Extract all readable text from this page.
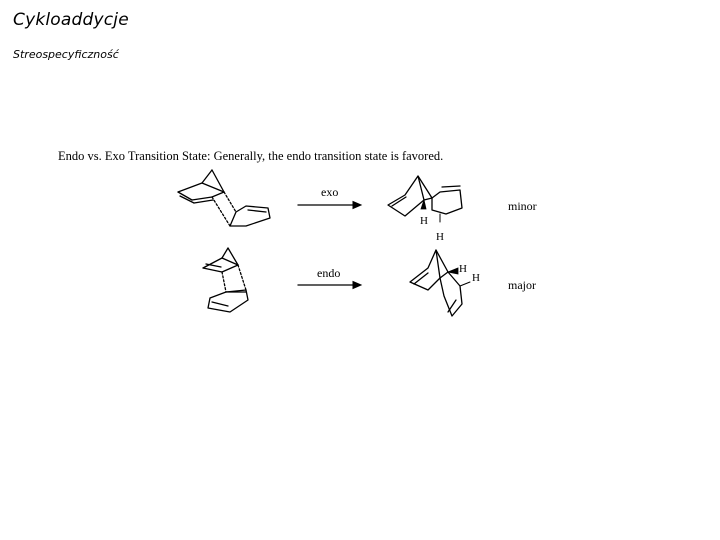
Cykloaddycje
Streospecyficzność
Endo vs. Exo Transition State: Generally, the endo transition state is favored.
exo
H
H
minor
endo	H
H major
